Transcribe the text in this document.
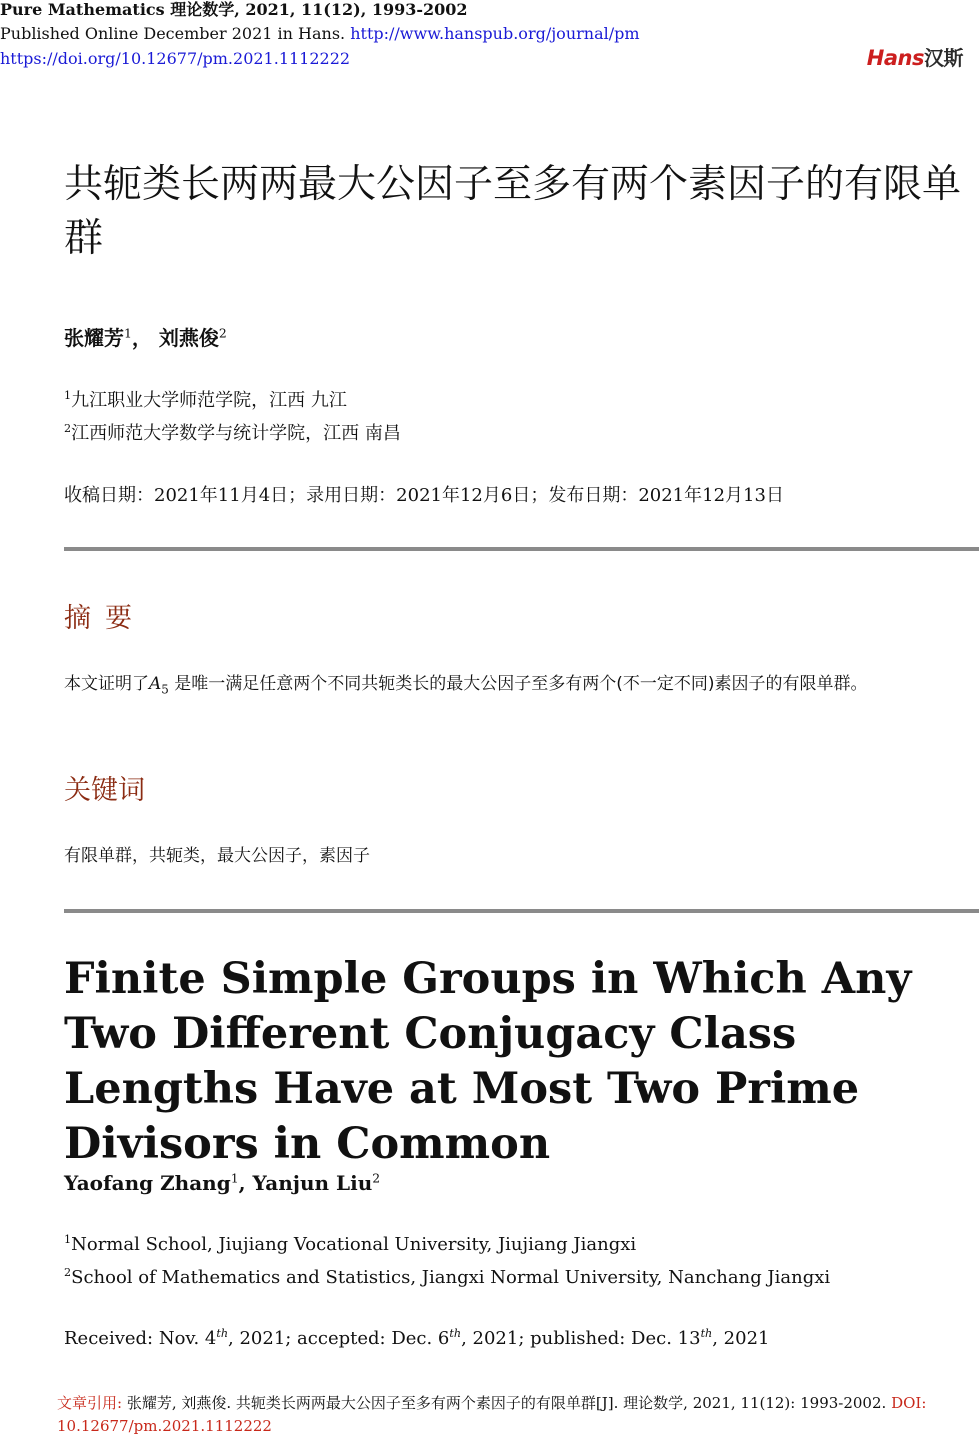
Pure Mathematics 理论数学, 2021, 11(12), 1993-2002
Published Online December 2021 in Hans. http://www.hanspub.org/journal/pm
https://doi.org/10.12677/pm.2021.1112222	Hans汉斯
共轭类长两两最大公因子至多有两个素因子的有限单群
张耀芳$^1$， 刘燕俊$^2$
$^1$九江职业大学师范学院，江西 九江
$^2$江西师范大学数学与统计学院，江西 南昌
收稿日期：2021年11月4日；录用日期：2021年12月6日；发布日期：2021年12月13日
摘要
本文证明了$A_5$ 是唯一满足任意两个不同共轭类长的最大公因子至多有两个(不一定不同)素因子的有限单群。
关键词
有限单群，共轭类，最大公因子，素因子
Finite Simple Groups in Which Any Two Different Conjugacy Class Lengths Have at Most Two Prime Divisors in Common
Yaofang Zhang$^1$, Yanjun Liu$^2$
$^1$Normal School, Jiujiang Vocational University, Jiujiang Jiangxi
$^2$School of Mathematics and Statistics, Jiangxi Normal University, Nanchang Jiangxi
Received: Nov. 4th, 2021; accepted: Dec. 6th, 2021; published: Dec. 13th, 2021
文章引用: 张耀芳, 刘燕俊. 共轭类长两两最大公因子至多有两个素因子的有限单群[J]. 理论数学, 2021, 11(12): 1993-2002. DOI: 10.12677/pm.2021.1112222
